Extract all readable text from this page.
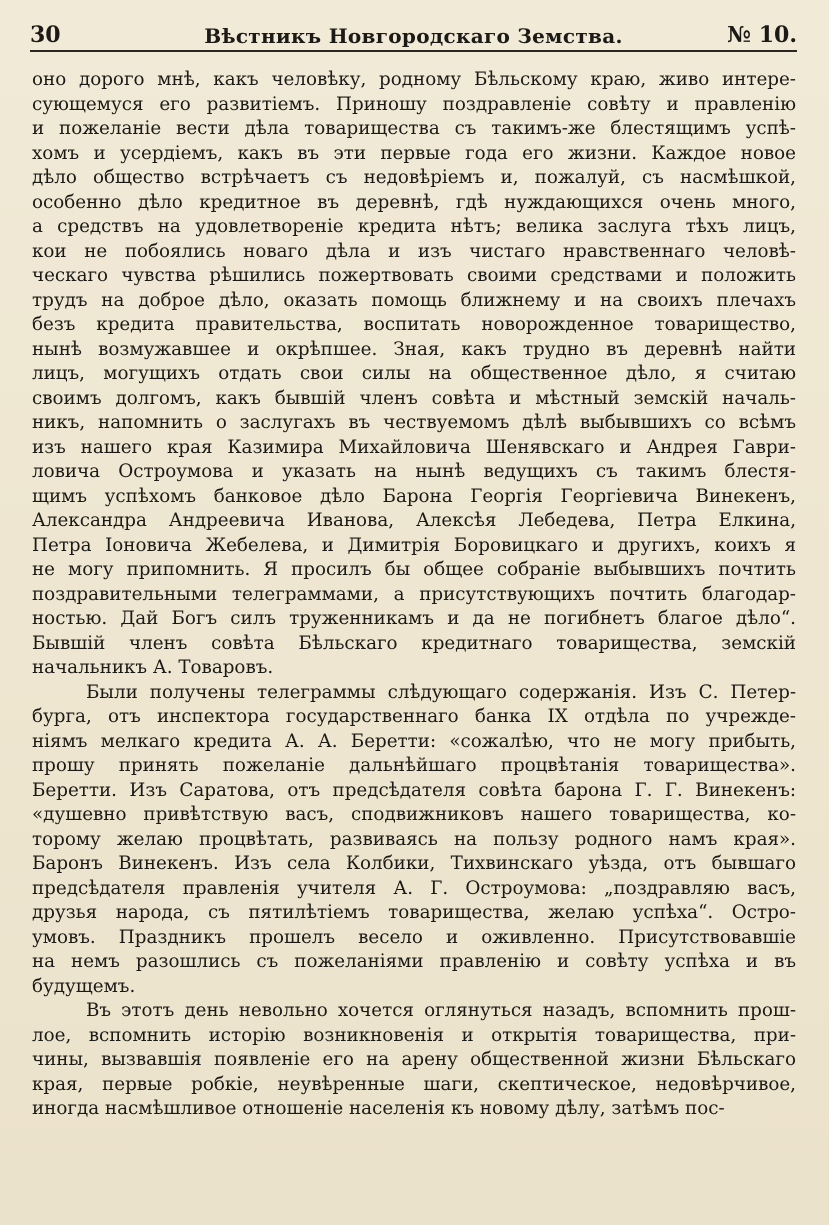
30	Вѣстникъ Новгородскаго Земства.	№ 10.
оно дорого мнѣ, какъ человѣку, родному Бѣльскому краю, живо интере-
сующемуся его развитіемъ. Приношу поздравленіе совѣту и правленію
и пожеланіе вести дѣла товарищества съ такимъ-же блестящимъ успѣ-
хомъ и усердіемъ, какъ въ эти первые года его жизни. Каждое новое
дѣло общество встрѣчаетъ съ недовѣріемъ и, пожалуй, съ насмѣшкой,
особенно дѣло кредитное въ деревнѣ, гдѣ нуждающихся очень много,
а средствъ на удовлетвореніе кредита нѣтъ; велика заслуга тѣхъ лицъ,
кои не побоялись новаго дѣла и изъ чистаго нравственнаго человѣ-
ческаго чувства рѣшились пожертвовать своими средствами и положить
трудъ на доброе дѣло, оказать помощь ближнему и на своихъ плечахъ
безъ кредита правительства, воспитать новорожденное товарищество,
нынѣ возмужавшее и окрѣпшее. Зная, какъ трудно въ деревнѣ найти
лицъ, могущихъ отдать свои силы на общественное дѣло, я считаю
своимъ долгомъ, какъ бывшій членъ совѣта и мѣстный земскій началь-
никъ, напомнить о заслугахъ въ чествуемомъ дѣлѣ выбывшихъ со всѣмъ
изъ нашего края Казимира Михайловича Шенявскаго и Андрея Гаври-
ловича Остроумова и указать на нынѣ ведущихъ съ такимъ блестя-
щимъ успѣхомъ банковое дѣло Барона Георгія Георгіевича Винекенъ,
Александра Андреевича Иванова, Алексѣя Лебедева, Петра Елкина,
Петра Іоновича Жебелева, и Димитрія Боровицкаго и другихъ, коихъ я
не могу припомнить. Я просилъ бы общее собраніе выбывшихъ почтить
поздравительными телеграммами, а присутствующихъ почтить благодар-
ностью. Дай Богъ силъ труженникамъ и да не погибнетъ благое дѣло“.
Бывшій членъ совѣта Бѣльскаго кредитнаго товарищества, земскій
начальникъ А. Товаровъ.
Были получены телеграммы слѣдующаго содержанія. Изъ С. Петер-
бурга, отъ инспектора государственнаго банка IX отдѣла по учрежде-
ніямъ мелкаго кредита А. А. Беретти: «сожалѣю, что не могу прибыть,
прошу принять пожеланіе дальнѣйшаго процвѣтанія товарищества».
Беретти. Изъ Саратова, отъ предсѣдателя совѣта барона Г. Г. Винекенъ:
«душевно привѣтствую васъ, сподвижниковъ нашего товарищества, ко-
торому желаю процвѣтать, развиваясь на пользу родного намъ края».
Баронъ Винекенъ. Изъ села Колбики, Тихвинскаго уѣзда, отъ бывшаго
предсѣдателя правленія учителя А. Г. Остроумова: „поздравляю васъ,
друзья народа, съ пятилѣтіемъ товарищества, желаю успѣха“. Остро-
умовъ. Праздникъ прошелъ весело и оживленно. Присутствовавшіе
на немъ разошлись съ пожеланіями правленію и совѣту успѣха и въ
будущемъ.
Въ этотъ день невольно хочется оглянуться назадъ, вспомнить прош-
лое, вспомнить исторію возникновенія и открытія товарищества, при-
чины, вызвавшія появленіе его на арену общественной жизни Бѣльскаго
края, первые робкіе, неувѣренные шаги, скептическое, недовѣрчивое,
иногда насмѣшливое отношеніе населенія къ новому дѣлу, затѣмъ пос-
